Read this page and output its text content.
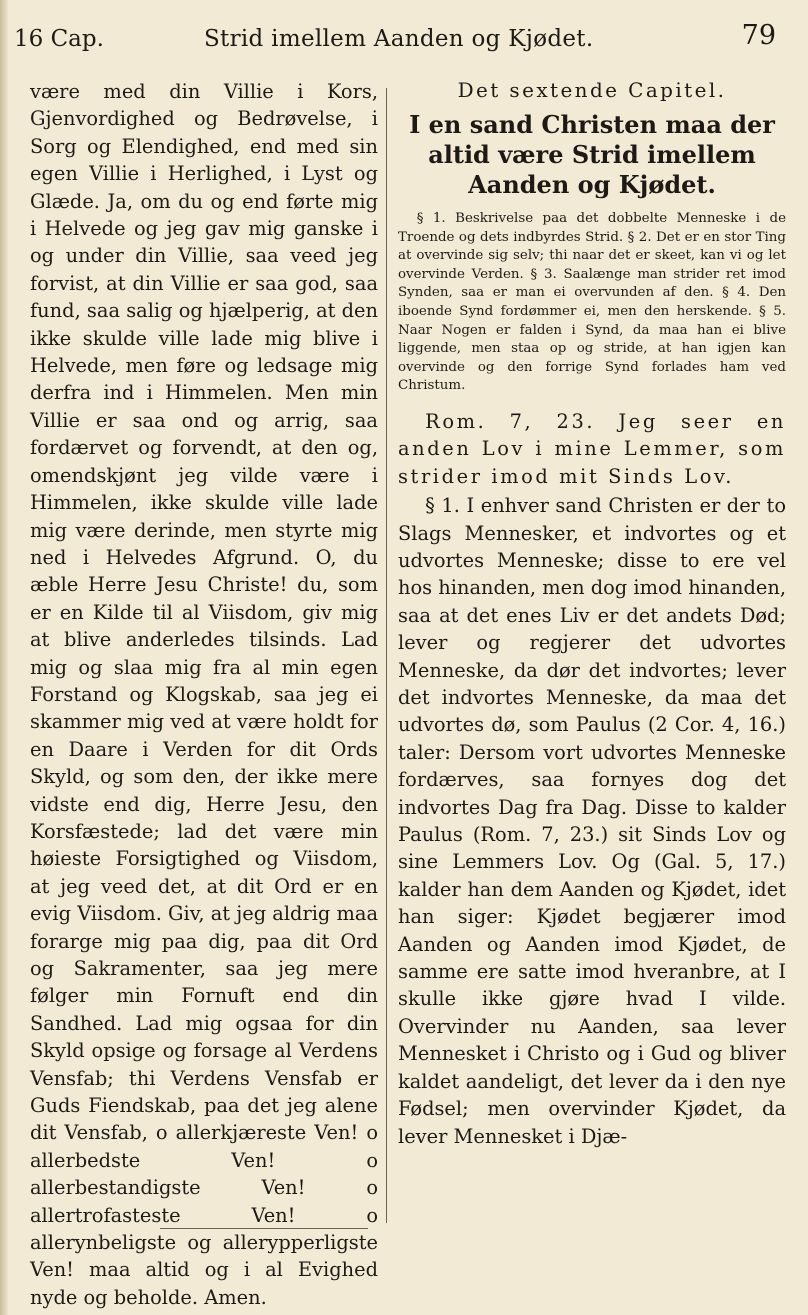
16 Cap.	Strid imellem Aanden og Kjødet.	79

være med din Villie i Kors, Gjenvordighed og Bedrøvelse, i Sorg og Elendighed, end med sin egen Villie i Herlighed, i Lyst og Glæde. Ja, om du og end førte mig i Helvede og jeg gav mig ganske i og under din Villie, saa veed jeg forvist, at din Villie er saa god, saa fund, saa salig og hjælperig, at den ikke skulde ville lade mig blive i Helvede, men føre og ledsage mig derfra ind i Himmelen. Men min Villie er saa ond og arrig, saa fordærvet og forvendt, at den og, omendskjønt jeg vilde være i Himmelen, ikke skulde ville lade mig være derinde, men styrte mig ned i Helvedes Afgrund. O, du æble Herre Jesu Christe! du, som er en Kilde til al Viisdom, giv mig at blive anderledes tilsinds. Lad mig og slaa mig fra al min egen Forstand og Klogskab, saa jeg ei skammer mig ved at være holdt for en Daare i Verden for dit Ords Skyld, og som den, der ikke mere vidste end dig, Herre Jesu, den Korsfæstede; lad det være min høieste Forsigtighed og Viisdom, at jeg veed det, at dit Ord er en evig Viisdom. Giv, at jeg aldrig maa forarge mig paa dig, paa dit Ord og Sakramenter, saa jeg mere følger min Fornuft end din Sandhed. Lad mig ogsaa for din Skyld opsige og forsage al Verdens Vensfab; thi Verdens Vensfab er Guds Fiendskab, paa det jeg alene dit Vensfab, o allerkjæreste Ven! o allerbedste Ven! o allerbestandigste Ven! o allertrofasteste Ven! o allerynbeligste og allerypperligste Ven! maa altid og i al Evighed nyde og beholde. Amen.

Det sextende Capitel.

I en sand Christen maa der altid være Strid imellem Aanden og Kjødet.

§ 1. Beskrivelse paa det dobbelte Menneske i de Troende og dets indbyrdes Strid. § 2. Det er en stor Ting at overvinde sig selv; thi naar det er skeet, kan vi og let overvinde Verden. § 3. Saalænge man strider ret imod Synden, saa er man ei overvunden af den. § 4. Den iboende Synd fordømmer ei, men den herskende. § 5. Naar Nogen er falden i Synd, da maa han ei blive liggende, men staa op og stride, at han igjen kan overvinde og den forrige Synd forlades ham ved Christum.

Rom. 7, 23. Jeg seer en anden Lov i mine Lemmer, som strider imod mit Sinds Lov.

§ 1. I enhver sand Christen er der to Slags Mennesker, et indvortes og et udvortes Menneske; disse to ere vel hos hinanden, men dog imod hinanden, saa at det enes Liv er det andets Død; lever og regjerer det udvortes Menneske, da dør det indvortes; lever det indvortes Menneske, da maa det udvortes dø, som Paulus (2 Cor. 4, 16.) taler: Dersom vort udvortes Menneske fordærves, saa fornyes dog det indvortes Dag fra Dag. Disse to kalder Paulus (Rom. 7, 23.) sit Sinds Lov og sine Lemmers Lov. Og (Gal. 5, 17.) kalder han dem Aanden og Kjødet, idet han siger: Kjødet begjærer imod Aanden og Aanden imod Kjødet, de samme ere satte imod hveranbre, at I skulle ikke gjøre hvad I vilde. Overvinder nu Aanden, saa lever Mennesket i Christo og i Gud og bliver kaldet aandeligt, det lever da i den nye Fødsel; men overvinder Kjødet, da lever Mennesket i Djæ-
